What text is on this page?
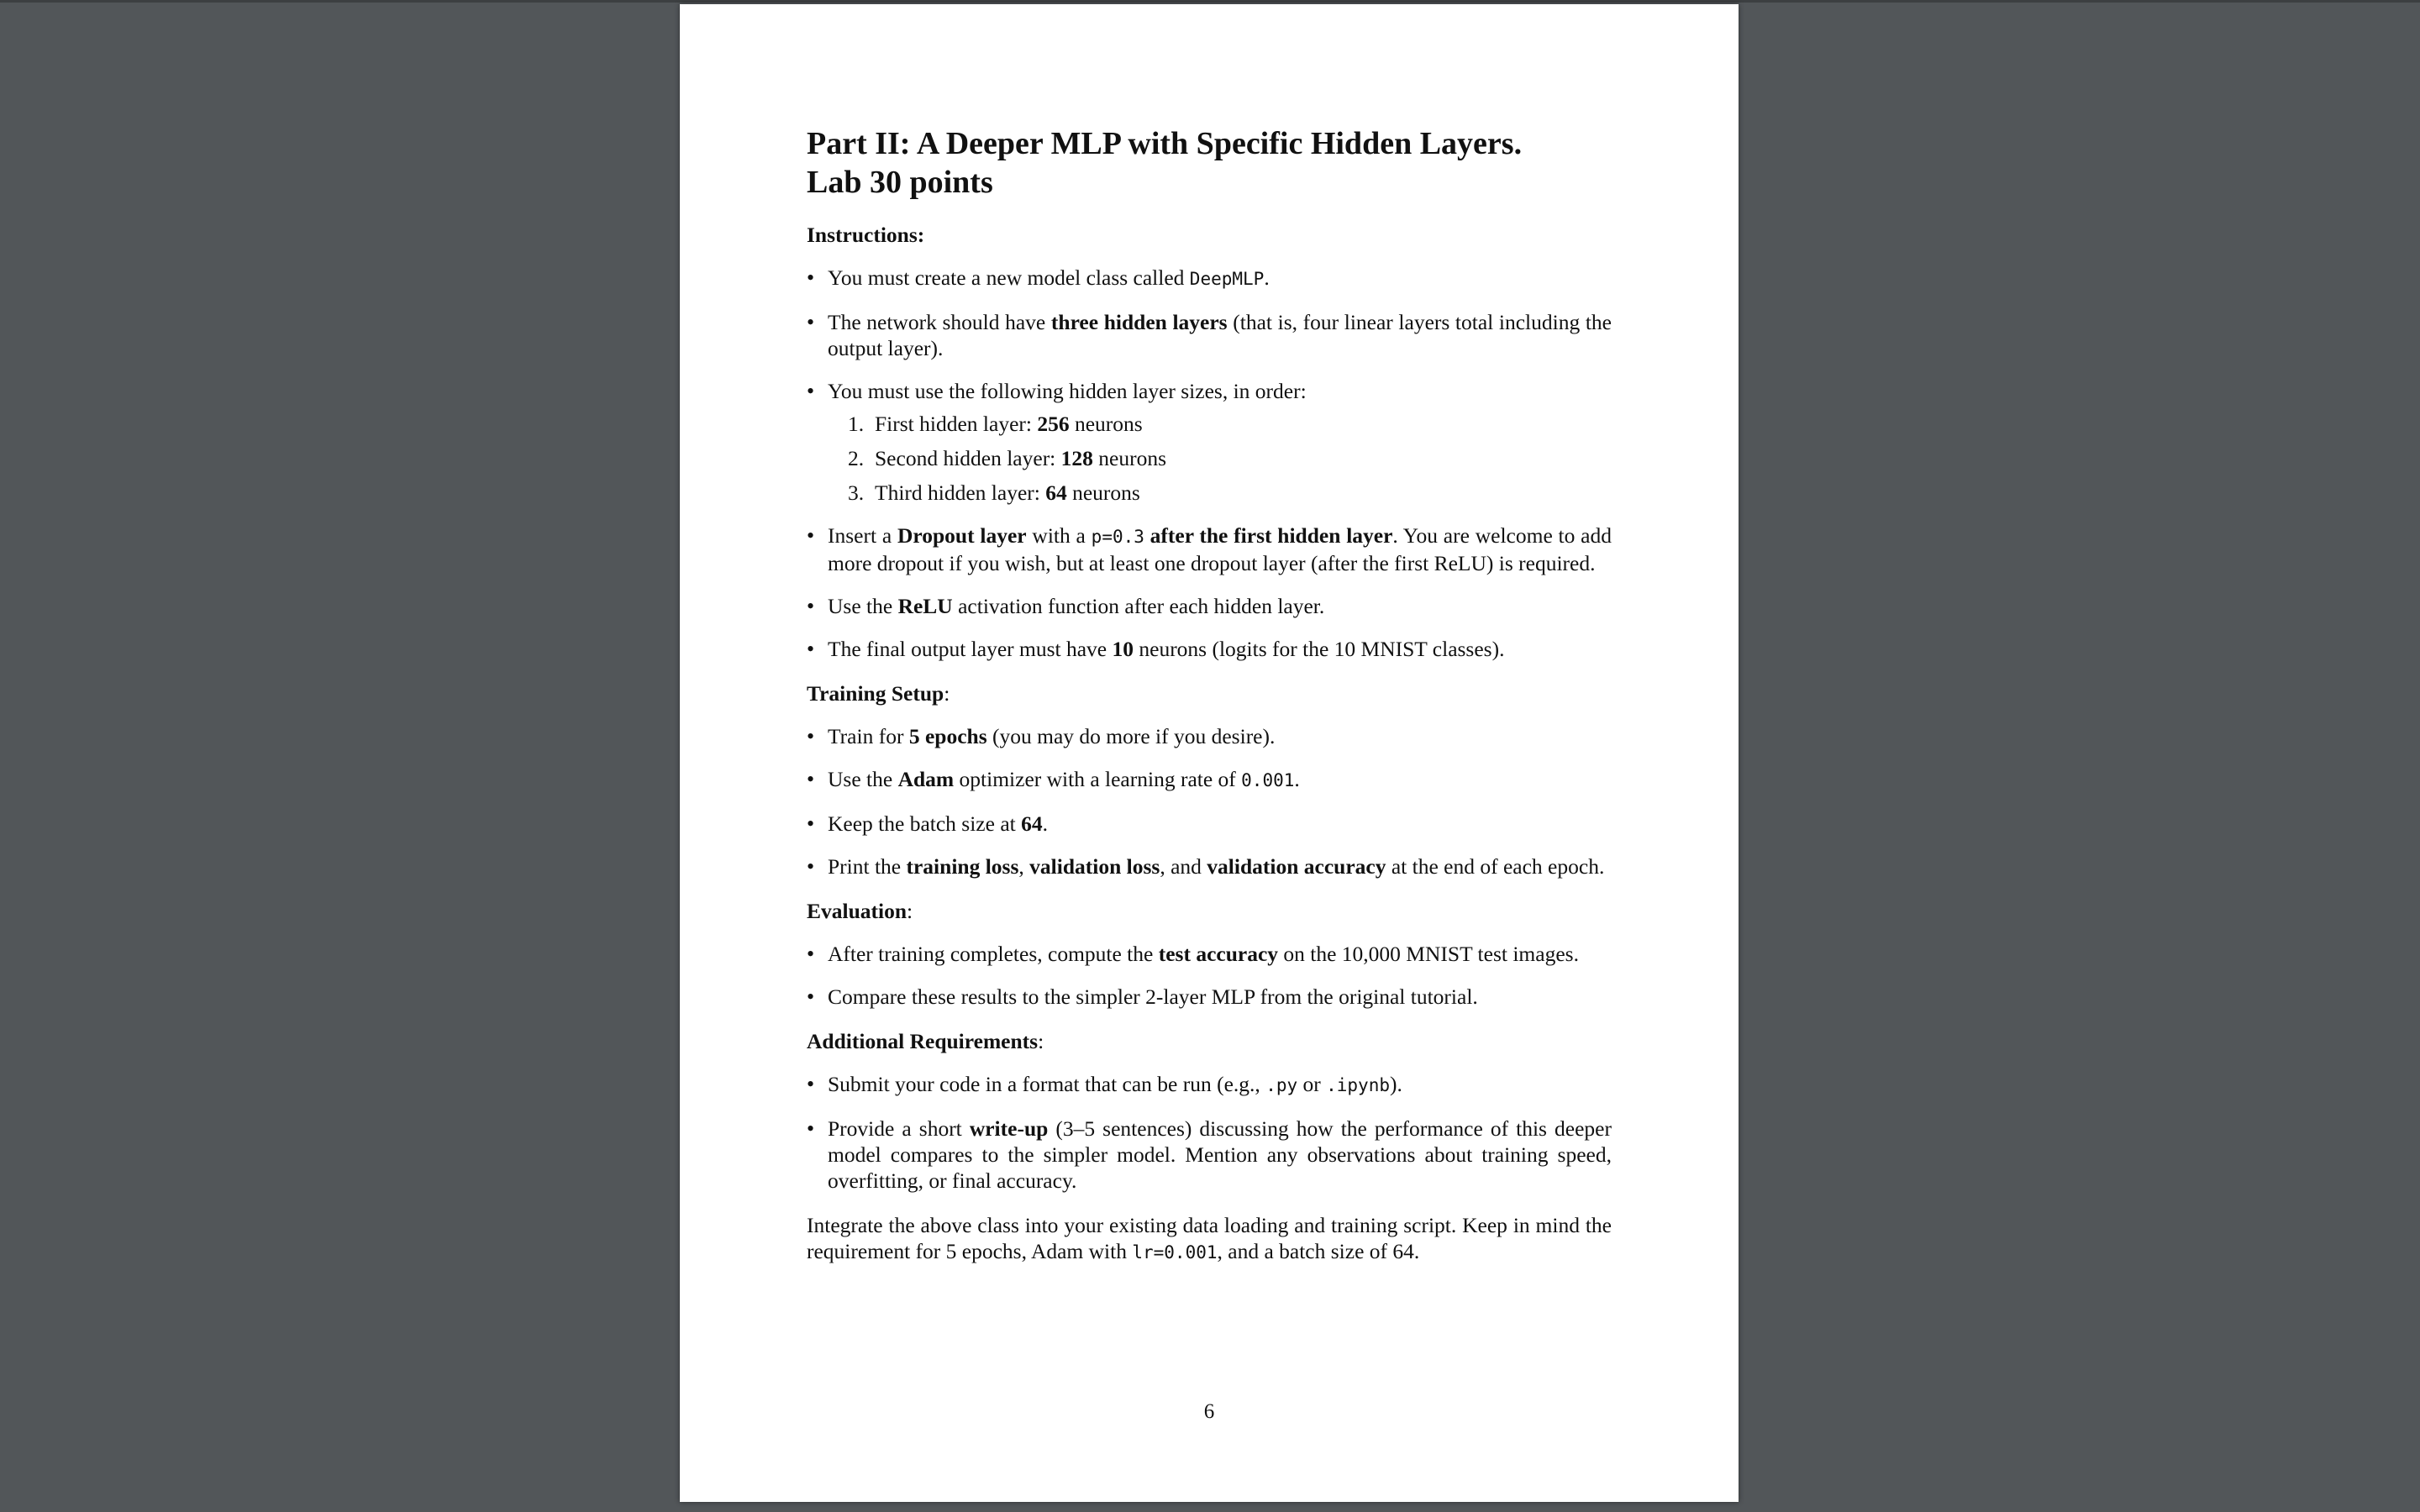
Part II: A Deeper MLP with Specific Hidden Layers.
Lab 30 points
Instructions:
• You must create a new model class called DeepMLP.
• The network should have three hidden layers (that is, four linear layers total including the output layer).
• You must use the following hidden layer sizes, in order:
1. First hidden layer: 256 neurons
2. Second hidden layer: 128 neurons
3. Third hidden layer: 64 neurons
• Insert a Dropout layer with a p=0.3 after the first hidden layer. You are welcome to add more dropout if you wish, but at least one dropout layer (after the first ReLU) is required.
• Use the ReLU activation function after each hidden layer.
• The final output layer must have 10 neurons (logits for the 10 MNIST classes).
Training Setup:
• Train for 5 epochs (you may do more if you desire).
• Use the Adam optimizer with a learning rate of 0.001.
• Keep the batch size at 64.
• Print the training loss, validation loss, and validation accuracy at the end of each epoch.
Evaluation:
• After training completes, compute the test accuracy on the 10,000 MNIST test images.
• Compare these results to the simpler 2-layer MLP from the original tutorial.
Additional Requirements:
• Submit your code in a format that can be run (e.g., .py or .ipynb).
• Provide a short write-up (3–5 sentences) discussing how the performance of this deeper model compares to the simpler model. Mention any observations about training speed, overfitting, or final accuracy.
Integrate the above class into your existing data loading and training script. Keep in mind the requirement for 5 epochs, Adam with lr=0.001, and a batch size of 64.
6
